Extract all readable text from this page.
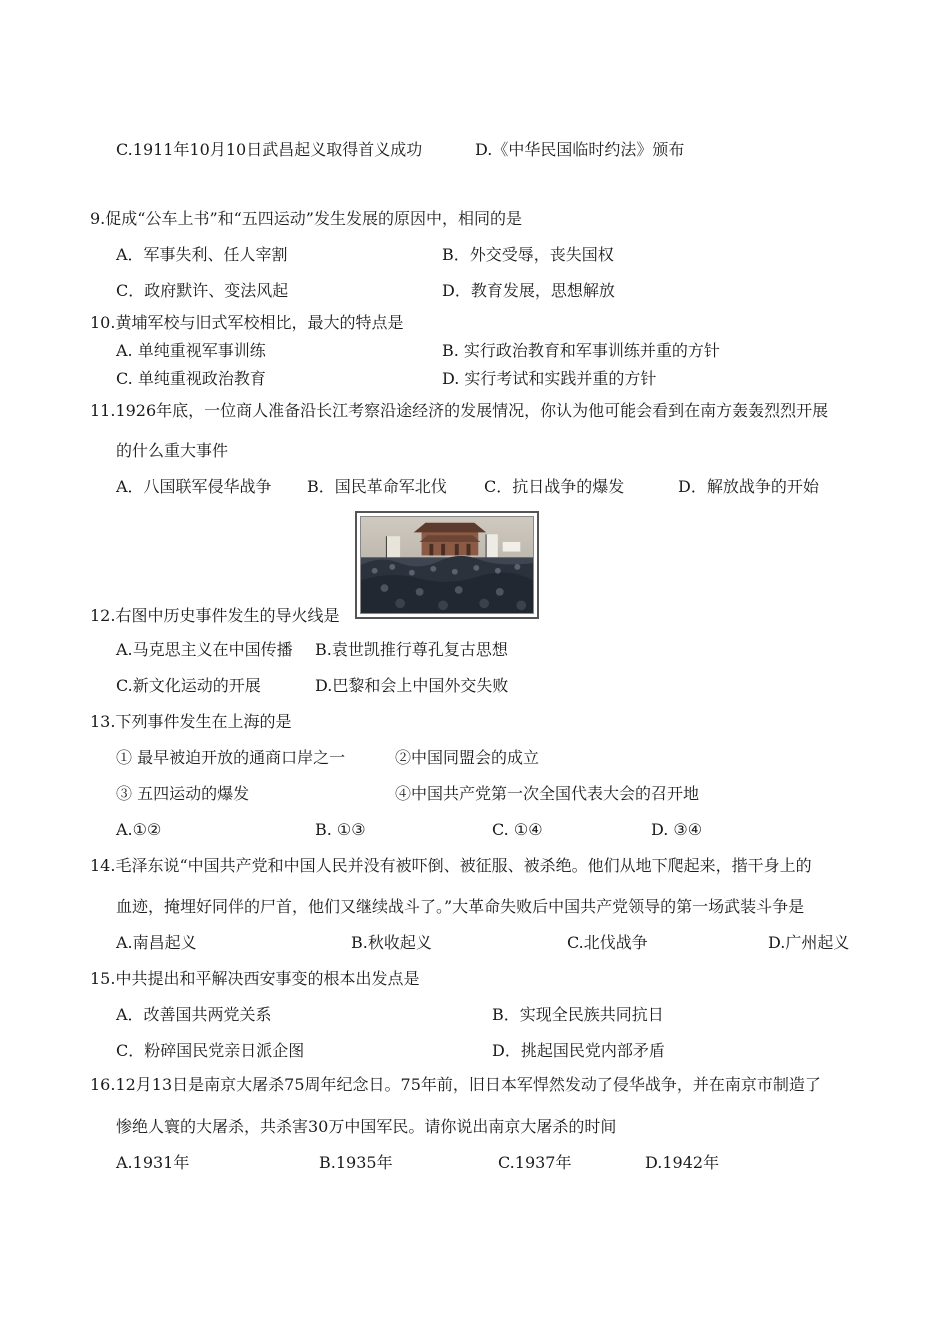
C.1911年10月10日武昌起义取得首义成功	D.《中华民国临时约法》颁布
9.促成“公车上书”和“五四运动”发生发展的原因中，相同的是
A．军事失利、任人宰割	B．外交受辱，丧失国权
C．政府默许、变法风起	D．教育发展，思想解放
10.黄埔军校与旧式军校相比，最大的特点是
A. 单纯重视军事训练	B. 实行政治教育和军事训练并重的方针
C. 单纯重视政治教育	D. 实行考试和实践并重的方针
11.1926年底，一位商人准备沿长江考察沿途经济的发展情况，你认为他可能会看到在南方轰轰烈烈开展
的什么重大事件
A．八国联军侵华战争 B．国民革命军北伐 C．抗日战争的爆发	D．解放战争的开始
12.右图中历史事件发生的导火线是
A.马克思主义在中国传播 B.袁世凯推行尊孔复古思想
C.新文化运动的开展	D.巴黎和会上中国外交失败
13.下列事件发生在上海的是
① 最早被迫开放的通商口岸之一	②中国同盟会的成立
③ 五四运动的爆发	④中国共产党第一次全国代表大会的召开地
A.①②	B. ①③	C. ①④	D. ③④
14.毛泽东说“中国共产党和中国人民并没有被吓倒、被征服、被杀绝。他们从地下爬起来，揩干身上的
血迹，掩埋好同伴的尸首，他们又继续战斗了。”大革命失败后中国共产党领导的第一场武装斗争是
A.南昌起义	B.秋收起义	C.北伐战争	D.广州起义
15.中共提出和平解决西安事变的根本出发点是
A．改善国共两党关系	B．实现全民族共同抗日
C．粉碎国民党亲日派企图	D．挑起国民党内部矛盾
16.12月13日是南京大屠杀75周年纪念日。75年前，旧日本军悍然发动了侵华战争，并在南京市制造了
惨绝人寰的大屠杀，共杀害30万中国军民。请你说出南京大屠杀的时间
A.1931年	B.1935年	C.1937年	D.1942年
